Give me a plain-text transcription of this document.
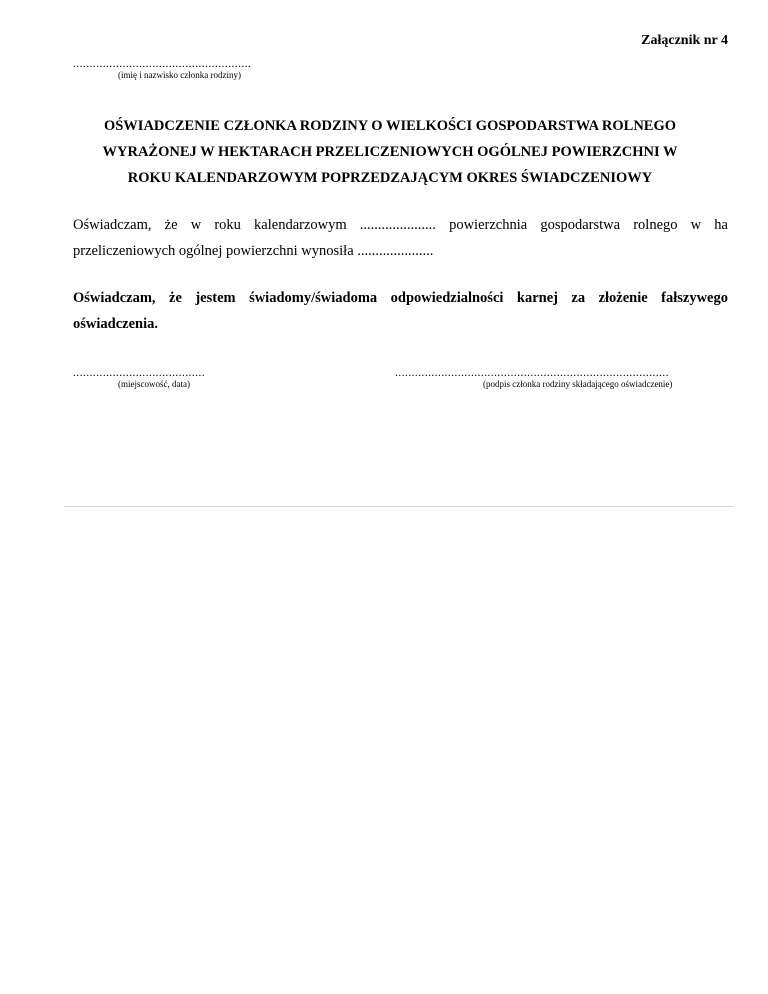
Załącznik nr 4
......................................................
(imię i nazwisko członka rodziny)
OŚWIADCZENIE CZŁONKA RODZINY O WIELKOŚCI GOSPODARSTWA ROLNEGO
WYRAŻONEJ W HEKTARACH PRZELICZENIOWYCH OGÓLNEJ POWIERZCHNI W
ROKU KALENDARZOWYM POPRZEDZAJĄCYM OKRES ŚWIADCZENIOWY
Oświadczam, że w roku kalendarzowym ..................... powierzchnia gospodarstwa rolnego w ha
przeliczeniowych ogólnej powierzchni wynosiła .....................
Oświadczam, że jestem świadomy/świadoma odpowiedzialności karnej za złożenie fałszywego
oświadczenia.
........................................
(miejscowość, data)
...................................................................................
(podpis członka rodziny składającego oświadczenie)
